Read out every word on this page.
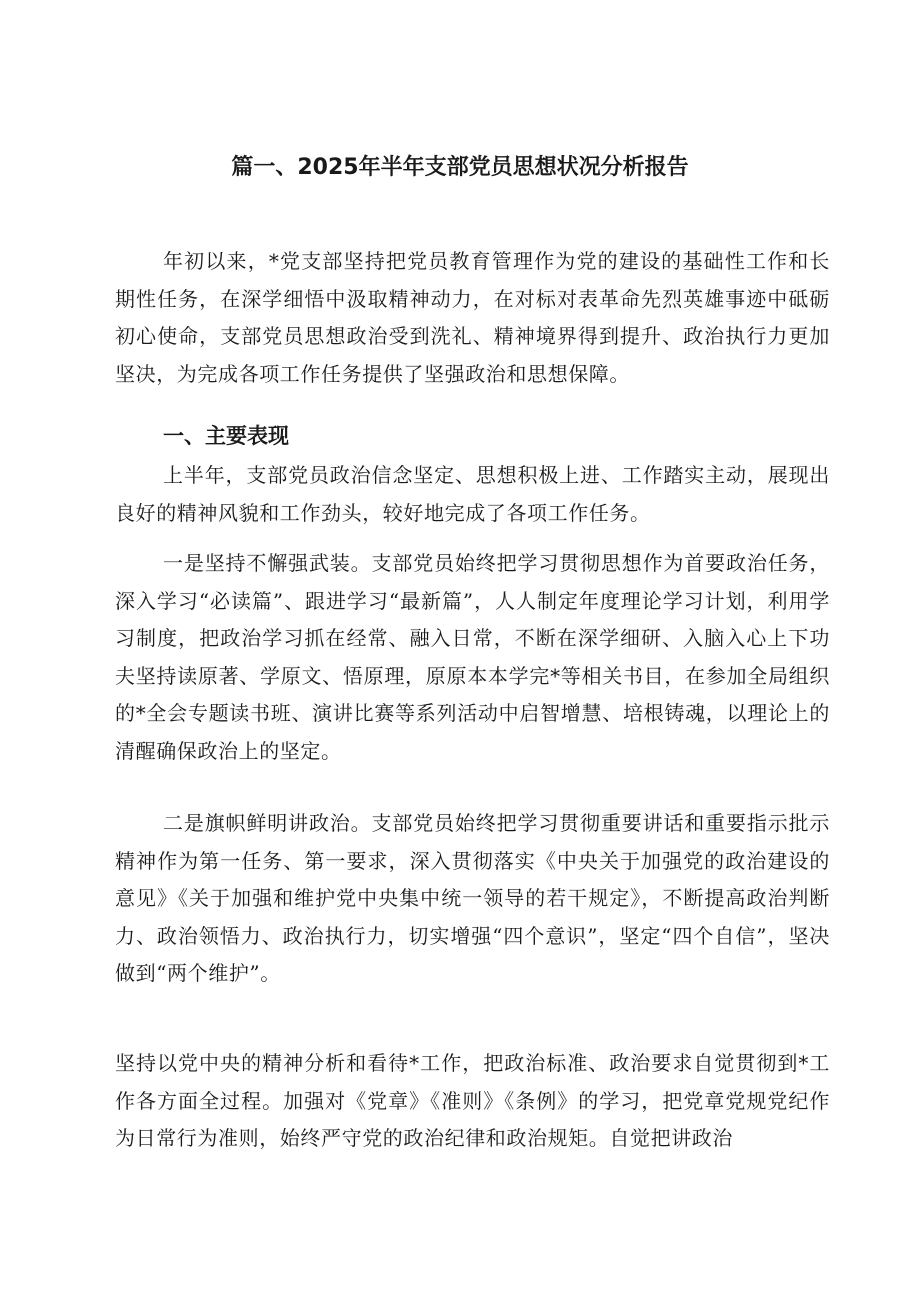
篇一、2025年半年支部党员思想状况分析报告

年初以来，*党支部坚持把党员教育管理作为党的建设的基础性工作和长期性任务，在深学细悟中汲取精神动力，在对标对表革命先烈英雄事迹中砥砺初心使命，支部党员思想政治受到洗礼、精神境界得到提升、政治执行力更加坚决，为完成各项工作任务提供了坚强政治和思想保障。

一、主要表现

上半年，支部党员政治信念坚定、思想积极上进、工作踏实主动，展现出良好的精神风貌和工作劲头，较好地完成了各项工作任务。

一是坚持不懈强武装。支部党员始终把学习贯彻思想作为首要政治任务，深入学习“必读篇”、跟进学习“最新篇”，人人制定年度理论学习计划，利用学习制度，把政治学习抓在经常、融入日常，不断在深学细研、入脑入心上下功夫坚持读原著、学原文、悟原理，原原本本学完*等相关书目，在参加全局组织的*全会专题读书班、演讲比赛等系列活动中启智增慧、培根铸魂，以理论上的清醒确保政治上的坚定。

二是旗帜鲜明讲政治。支部党员始终把学习贯彻重要讲话和重要指示批示精神作为第一任务、第一要求，深入贯彻落实《中央关于加强党的政治建设的意见》《关于加强和维护党中央集中统一领导的若干规定》，不断提高政治判断力、政治领悟力、政治执行力，切实增强“四个意识”，坚定“四个自信”，坚决做到“两个维护”。

坚持以党中央的精神分析和看待*工作，把政治标准、政治要求自觉贯彻到*工作各方面全过程。加强对《党章》《准则》《条例》的学习，把党章党规党纪作为日常行为准则，始终严守党的政治纪律和政治规矩。自觉把讲政治
